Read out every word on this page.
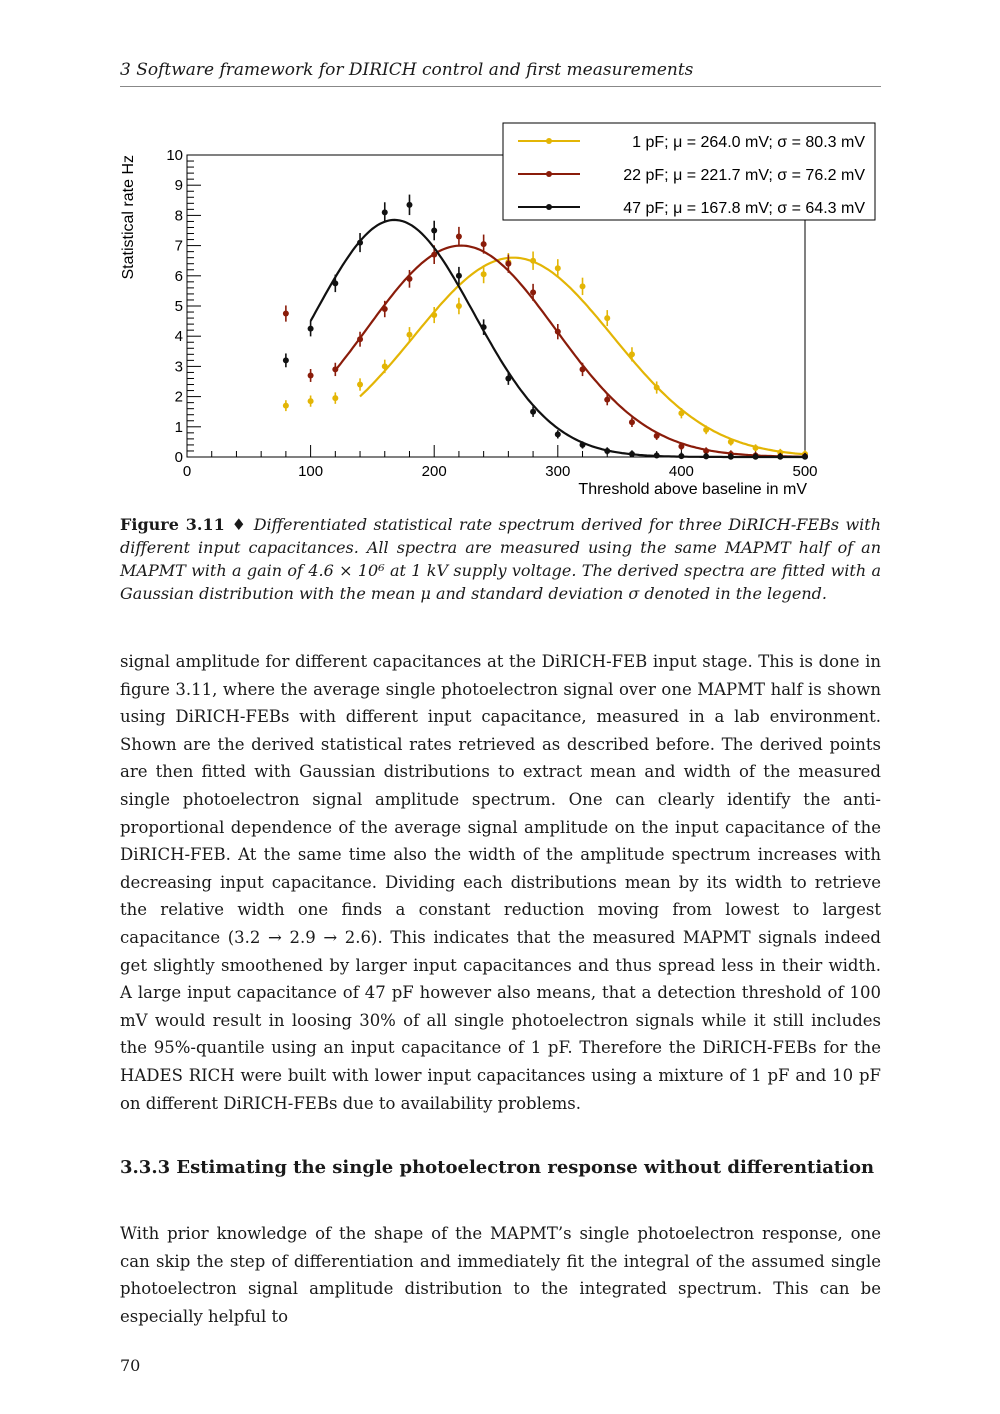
3 Software framework for DIRICH control and first measurements
0
1
2
3
4
5
6
7
8
9
10
0	100	200	300	400	500
Threshold above baseline in mV
Statistical rate Hz
1 pF; μ = 264.0 mV; σ = 80.3 mV
22 pF; μ = 221.7 mV; σ = 76.2 mV
47 pF; μ = 167.8 mV; σ = 64.3 mV
Figure 3.11 ♦ Differentiated statistical rate spectrum derived for three DiRICH-FEBs with different input capacitances. All spectra are measured using the same MAPMT half of an MAPMT with a gain of 4.6 × 10⁶ at 1 kV supply voltage. The derived spectra are fitted with a Gaussian distribution with the mean μ and standard deviation σ denoted in the legend.

signal amplitude for different capacitances at the DiRICH-FEB input stage. This is done in figure 3.11, where the average single photoelectron signal over one MAPMT half is shown using DiRICH-FEBs with different input capacitance, measured in a lab environment. Shown are the derived statistical rates retrieved as described before. The derived points are then fitted with Gaussian distributions to extract mean and width of the measured single photoelectron signal amplitude spectrum. One can clearly identify the anti-proportional dependence of the average signal amplitude on the input capacitance of the DiRICH-FEB. At the same time also the width of the amplitude spectrum increases with decreasing input capacitance. Dividing each distributions mean by its width to retrieve the relative width one finds a constant reduction moving from lowest to largest capacitance (3.2 → 2.9 → 2.6). This indicates that the measured MAPMT signals indeed get slightly smoothened by larger input capacitances and thus spread less in their width. A large input capacitance of 47 pF however also means, that a detection threshold of 100 mV would result in loosing 30% of all single photoelectron signals while it still includes the 95%-quantile using an input capacitance of 1 pF. Therefore the DiRICH-FEBs for the HADES RICH were built with lower input capacitances using a mixture of 1 pF and 10 pF on different DiRICH-FEBs due to availability problems.

3.3.3 Estimating the single photoelectron response without differentiation

With prior knowledge of the shape of the MAPMT’s single photoelectron response, one can skip the step of differentiation and immediately fit the integral of the assumed single photoelectron signal amplitude distribution to the integrated spectrum. This can be especially helpful to

70
